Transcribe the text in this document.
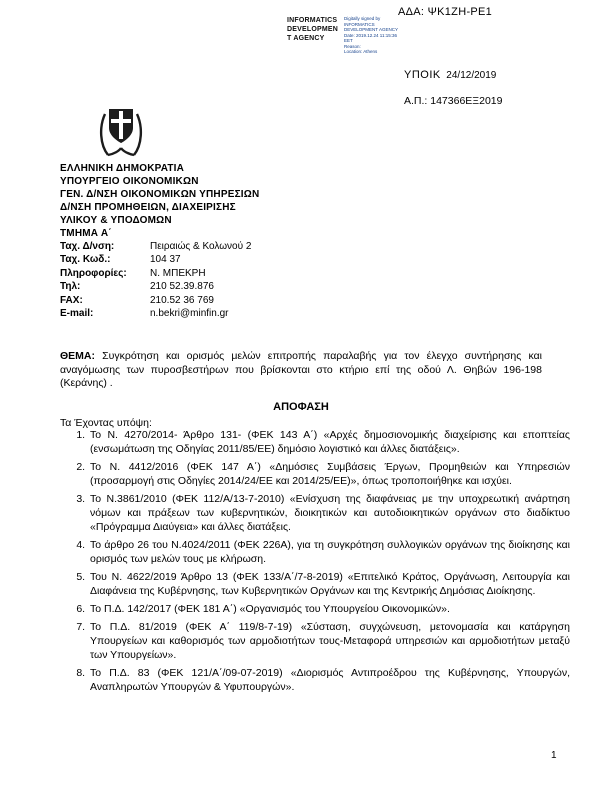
ΑΔΑ: ΨΚ1ΖΗ-ΡΕ1
INFORMATICS
DEVELOPMEN
T AGENCY
Digitally signed by
INFORMATICS
DEVELOPMENT AGENCY
Date: 2019.12.24 11:15:36
EET
Reason:
Location: Athens
ΥΠΟΙΚ 24/12/2019
Α.Π.: 147366ΕΞ2019
ΕΛΛΗΝΙΚΗ ΔΗΜΟΚΡΑΤΙΑ
ΥΠΟΥΡΓΕΙΟ ΟΙΚΟΝΟΜΙΚΩΝ
ΓΕΝ. Δ/ΝΣΗ ΟΙΚΟΝΟΜΙΚΩΝ ΥΠΗΡΕΣΙΩΝ
Δ/ΝΣΗ ΠΡΟΜΗΘΕΙΩΝ, ΔΙΑΧΕΙΡΙΣΗΣ
ΥΛΙΚΟΥ & ΥΠΟΔΟΜΩΝ
ΤΜΗΜΑ Α΄
Ταχ. Δ/νση:	Πειραιώς & Κολωνού 2
Ταχ. Κωδ.:	104 37
Πληροφορίες: Ν. ΜΠΕΚΡΗ
Τηλ:	210 52.39.876
FAX:	210.52 36 769
E-mail:	n.bekri@minfin.gr
ΘΕΜΑ: Συγκρότηση και ορισμός μελών επιτροπής παραλαβής για τον έλεγχο συντήρησης και αναγόμωσης των πυροσβεστήρων που βρίσκονται στο κτήριο επί της οδού Λ. Θηβών 196-198 (Κεράνης) .
ΑΠΟΦΑΣΗ
Τα Έχοντας υπόψη:
1. Το Ν. 4270/2014- Άρθρο 131- (ΦΕΚ 143 Α΄) «Αρχές δημοσιονομικής διαχείρισης και εποπτείας (ενσωμάτωση της Οδηγίας 2011/85/ΕΕ) δημόσιο λογιστικό και άλλες διατάξεις».
2. Το Ν. 4412/2016 (ΦΕΚ 147 Α΄) «Δημόσιες Συμβάσεις Έργων, Προμηθειών και Υπηρεσιών (προσαρμογή στις Οδηγίες 2014/24/ΕΕ και 2014/25/ΕΕ)», όπως τροποποιήθηκε και ισχύει.
3. Το Ν.3861/2010 (ΦΕΚ 112/Α/13-7-2010) «Ενίσχυση της διαφάνειας με την υποχρεωτική ανάρτηση νόμων και πράξεων των κυβερνητικών, διοικητικών και αυτοδιοικητικών οργάνων στο διαδίκτυο «Πρόγραμμα Διαύγεια» και άλλες διατάξεις.
4. Το άρθρο 26 του Ν.4024/2011 (ΦΕΚ 226Α), για τη συγκρότηση συλλογικών οργάνων της διοίκησης και ορισμός των μελών τους με κλήρωση.
5. Του Ν. 4622/2019 Άρθρο 13 (ΦΕΚ 133/Α΄/7-8-2019) «Επιτελικό Κράτος, Οργάνωση, Λειτουργία και Διαφάνεια της Κυβέρνησης, των Κυβερνητικών Οργάνων και της Κεντρικής Δημόσιας Διοίκησης.
6. Το Π.Δ. 142/2017 (ΦΕΚ 181 Α΄) «Οργανισμός του Υπουργείου Οικονομικών».
7. Το Π.Δ. 81/2019 (ΦΕΚ Α΄ 119/8-7-19) «Σύσταση, συγχώνευση, μετονομασία και κατάργηση Υπουργείων και καθορισμός των αρμοδιοτήτων τους-Μεταφορά υπηρεσιών και αρμοδιοτήτων μεταξύ των Υπουργείων».
8. Το Π.Δ. 83 (ΦΕΚ 121/Α΄/09-07-2019) «Διορισμός Αντιπροέδρου της Κυβέρνησης, Υπουργών, Αναπληρωτών Υπουργών & Υφυπουργών».
1
